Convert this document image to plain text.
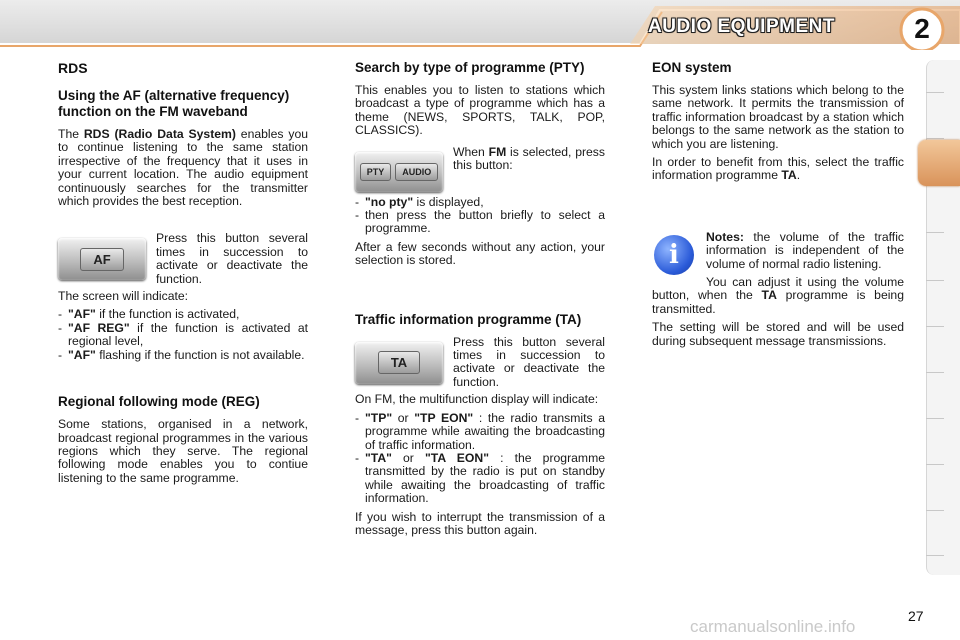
AUDIO EQUIPMENT	2
RDS
Using the AF (alternative frequency) function on the FM waveband

The RDS (Radio Data System) enables you to continue listening to the same station irrespective of the frequency that it uses in your current location. The audio equipment continuously searches for the transmitter which provides the best reception.

AF
Press this button several times in succession to activate or deactivate the function.

The screen will indicate:

- "AF" if the function is activated,
- "AF REG" if the function is activated at regional level,
- "AF" flashing if the function is not available.
Regional following mode (REG)

Some stations, organised in a network, broadcast regional programmes in the various regions which they serve. The regional following mode enables you to contiue listening to the same programme.

Search by type of programme (PTY)

This enables you to listen to stations which broadcast a type of programme which has a theme (NEWS, SPORTS, TALK, POP, CLASSICS).

PTY	AUDIO
When FM is selected, press this button:
- "no pty" is displayed,
- then press the button briefly to select a programme.

After a few seconds without any action, your selection is stored.

Traffic information programme (TA)
TA
Press this button several times in succession to activate or deactivate the function.

On FM, the multifunction display will indicate:

- "TP" or "TP EON" : the radio transmits a programme while awaiting the broadcasting of traffic information.
- "TA" or "TA EON" : the programme transmitted by the radio is put on standby while awaiting the broadcasting of traffic information.

If you wish to interrupt the transmission of a message, press this button again.

EON system

This system links stations which belong to the same network. It permits the transmission of traffic information broadcast by a station which belongs to the same network as the station to which you are listening.

In order to benefit from this, select the traffic information programme TA.

i

Notes: the volume of the traffic information is independent of the volume of normal radio listening.

You can adjust it using the volume button, when the TA programme is being transmitted.

The setting will be stored and will be used during subsequent message transmissions.

27
carmanualsonline.info
